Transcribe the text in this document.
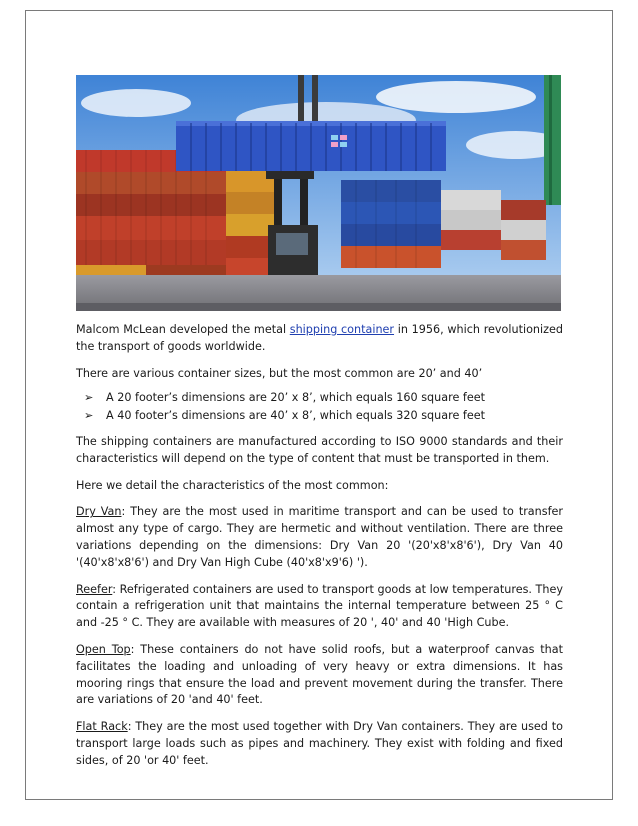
Malcom McLean developed the metal shipping container in 1956, which revolutionized the transport of goods worldwide.

There are various container sizes, but the most common are 20’ and 40’

➢ A 20 footer’s dimensions are 20’ x 8’, which equals 160 square feet
➢ A 40 footer’s dimensions are 40’ x 8’, which equals 320 square feet

The shipping containers are manufactured according to ISO 9000 standards and their characteristics will depend on the type of content that must be transported in them.

Here we detail the characteristics of the most common:

Dry Van: They are the most used in maritime transport and can be used to transfer almost any type of cargo. They are hermetic and without ventilation. There are three variations depending on the dimensions: Dry Van 20 '(20'x8'x8'6'), Dry Van 40 '(40'x8'x8'6') and Dry Van High Cube (40'x8'x9'6) ').

Reefer: Refrigerated containers are used to transport goods at low temperatures. They contain a refrigeration unit that maintains the internal temperature between 25 ° C and -25 ° C. They are available with measures of 20 ', 40' and 40 'High Cube.

Open Top: These containers do not have solid roofs, but a waterproof canvas that facilitates the loading and unloading of very heavy or extra dimensions. It has mooring rings that ensure the load and prevent movement during the transfer. There are variations of 20 'and 40' feet.

Flat Rack: They are the most used together with Dry Van containers. They are used to transport large loads such as pipes and machinery. They exist with folding and fixed sides, of 20 'or 40' feet.
